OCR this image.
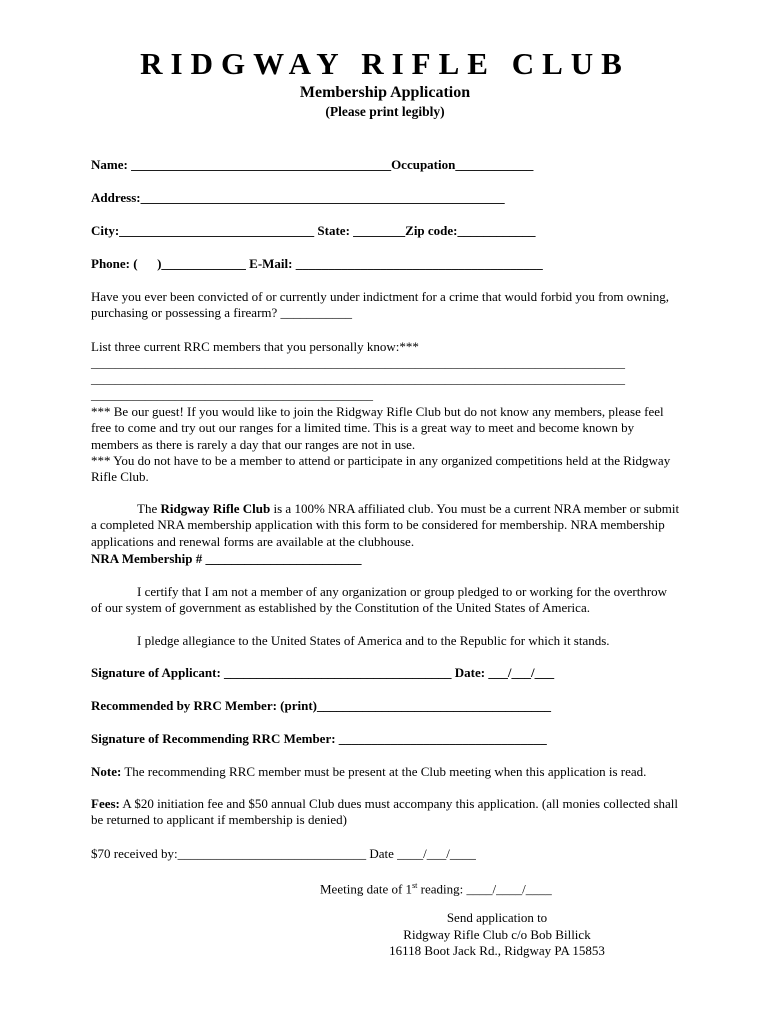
RIDGWAY RIFLE CLUB
Membership Application
(Please print legibly)
Name: ________________________________________Occupation____________
Address:________________________________________________________
City:______________________________ State: ________Zip code:____________
Phone: (      )_____________ E-Mail: ______________________________________
Have you ever been convicted of or currently under indictment for a crime that would forbid you from owning, purchasing or possessing a firearm? ___________
List three current RRC members that you personally know:***
_________________________________________________________________________________________
_________________________________________________________________________________________
_______________________________________________
*** Be our guest! If you would like to join the Ridgway Rifle Club but do not know any members, please feel free to come and try out our ranges for a limited time. This is a great way to meet and become known by members as there is rarely a day that our ranges are not in use.
*** You do not have to be a member to attend or participate in any organized competitions held at the Ridgway Rifle Club.
The Ridgway Rifle Club is a 100% NRA affiliated club. You must be a current NRA member or submit a completed NRA membership application with this form to be considered for membership. NRA membership applications and renewal forms are available at the clubhouse.
NRA Membership # ________________________
I certify that I am not a member of any organization or group pledged to or working for the overthrow of our system of government as established by the Constitution of the United States of America.
I pledge allegiance to the United States of America and to the Republic for which it stands.
Signature of Applicant: ___________________________________ Date: ___/___/___
Recommended by RRC Member: (print)____________________________________
Signature of Recommending RRC Member: ________________________________
Note: The recommending RRC member must be present at the Club meeting when this application is read.
Fees: A $20 initiation fee and $50 annual Club dues must accompany this application. (all monies collected shall be returned to applicant if membership is denied)
$70 received by:_____________________________ Date ____/___/____
Meeting date of 1st reading: ____/____/____
Send application to
Ridgway Rifle Club c/o Bob Billick
16118 Boot Jack Rd., Ridgway PA 15853
